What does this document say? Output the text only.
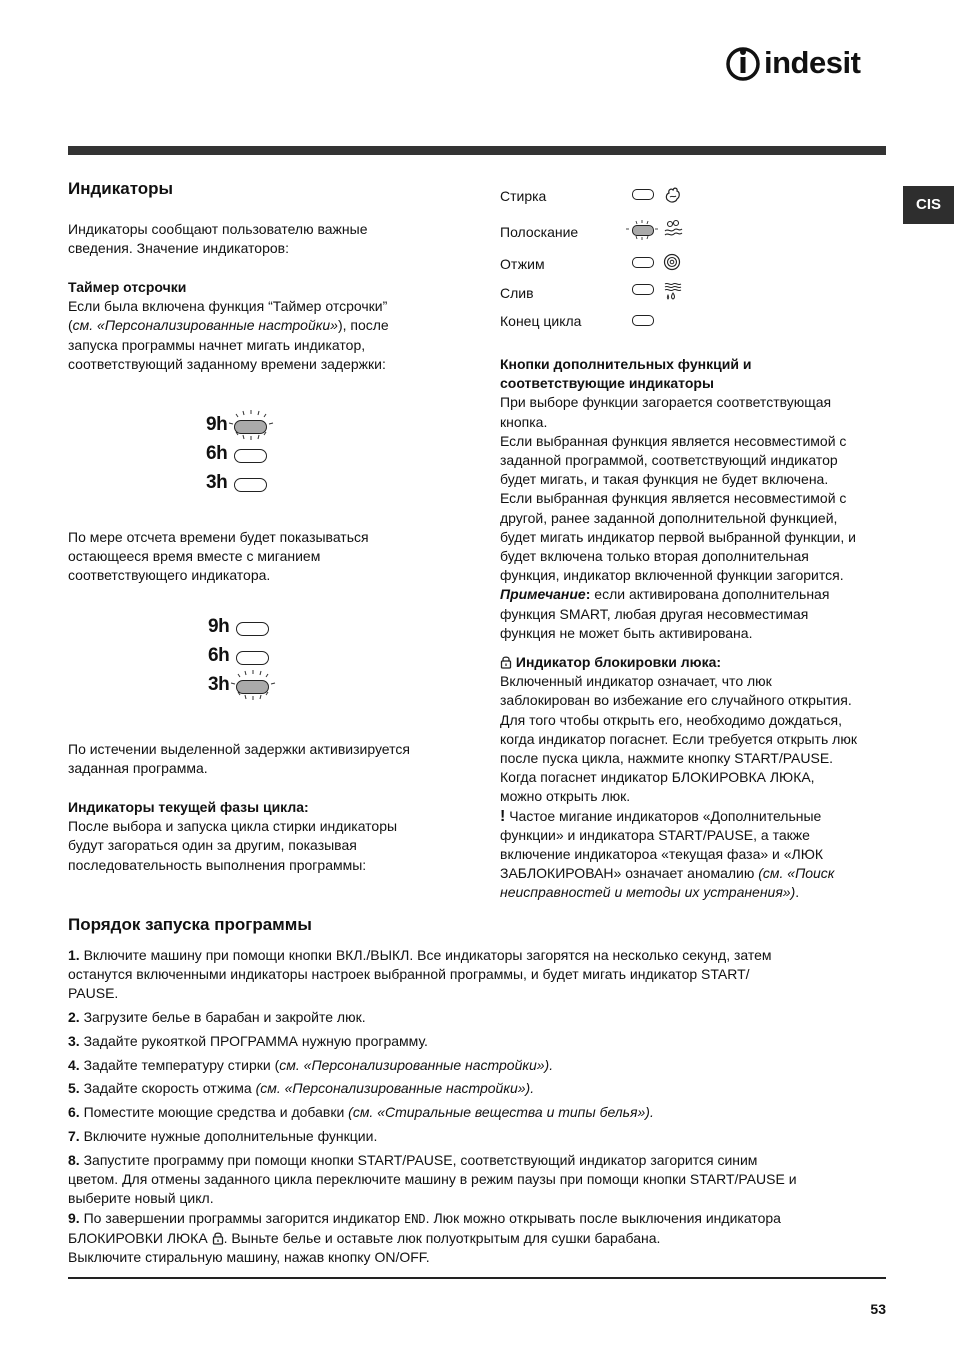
indesit
CIS
Индикаторы

Индикаторы сообщают пользователю важные
сведения. Значение индикаторов:

Таймер отсрочки
Если была включена функция “Таймер отсрочки”
(см. «Персонализированные настройки»), после
запуска программы начнет мигать индикатор,
соответствующий заданному времени задержки:

9h
6h
3h

По мере отсчета времени будет показываться
остающееся время вместе с миганием
соответствующего индикатора.

9h
6h
3h

По истечении выделенной задержки активизируется
заданная программа.

Индикаторы текущей фазы цикла:
После выбора и запуска цикла стирки индикаторы
будут загораться один за другим, показывая
последовательность выполнения программы:

Стирка
Полоскание
Отжим
Слив
Конец цикла

Кнопки дополнительных функций и
соответствующие индикаторы
При выборе функции загорается соответствующая
кнопка.
Если выбранная функция является несовместимой с
заданной программой, соответствующий индикатор
будет мигать, и такая функция не будет включена.
Если выбранная функция является несовместимой с
другой, ранее заданной дополнительной функцией,
будет мигать индикатор первой выбранной функции, и
будет включена только вторая дополнительная
функция, индикатор включенной функции загорится.
Примечание: если активирована дополнительная
функция SMART, любая другая несовместимая
функция не может быть активирована.

Индикатор блокировки люка:
Включенный индикатор означает, что люк
заблокирован во избежание его случайного открытия.
Для того чтобы открыть его, необходимо дождаться,
когда индикатор погаснет. Если требуется открыть люк
после пуска цикла, нажмите кнопку START/PAUSE.
Когда погаснет индикатор БЛОКИРОВКА ЛЮКА,
можно открыть люк.
! Частое мигание индикаторов «Дополнительные
функции» и индикатора START/PAUSE, а также
включение индикатороа «текущая фаза» и «ЛЮК
ЗАБЛОКИРОВАН» означает аномалию (см. «Поиск
неисправностей и методы их устранения»).

Порядок запуска программы

1. Включите машину при помощи кнопки ВКЛ./ВЫКЛ. Все индикаторы загорятся на несколько секунд, затем
останутся включенными индикаторы настроек выбранной программы, и будет мигать индикатор START/
PAUSE.

2. Загрузите белье в барабан и закройте люк.

3. Задайте рукояткой ПРОГРАММА нужную программу.

4. Задайте температуру стирки (см. «Персонализированные настройки»).

5. Задайте скорость отжима (см. «Персонализированные настройки»).

6. Поместите моющие средства и добавки (см. «Стиральные вещества и типы белья»).

7. Включите нужные дополнительные функции.

8. Запустите программу при помощи кнопки START/PAUSE, соответствующий индикатор загорится синим
цветом. Для отмены заданного цикла переключите машину в режим паузы при помощи кнопки START/PAUSE и
выберите новый цикл.

9. По завершении программы загорится индикатор END. Люк можно открывать после выключения индикатора
БЛОКИРОВКИ ЛЮКА . Выньте белье и оставьте люк полуоткрытым для сушки барабана.
Выключите стиральную машину, нажав кнопку ON/OFF.

53
